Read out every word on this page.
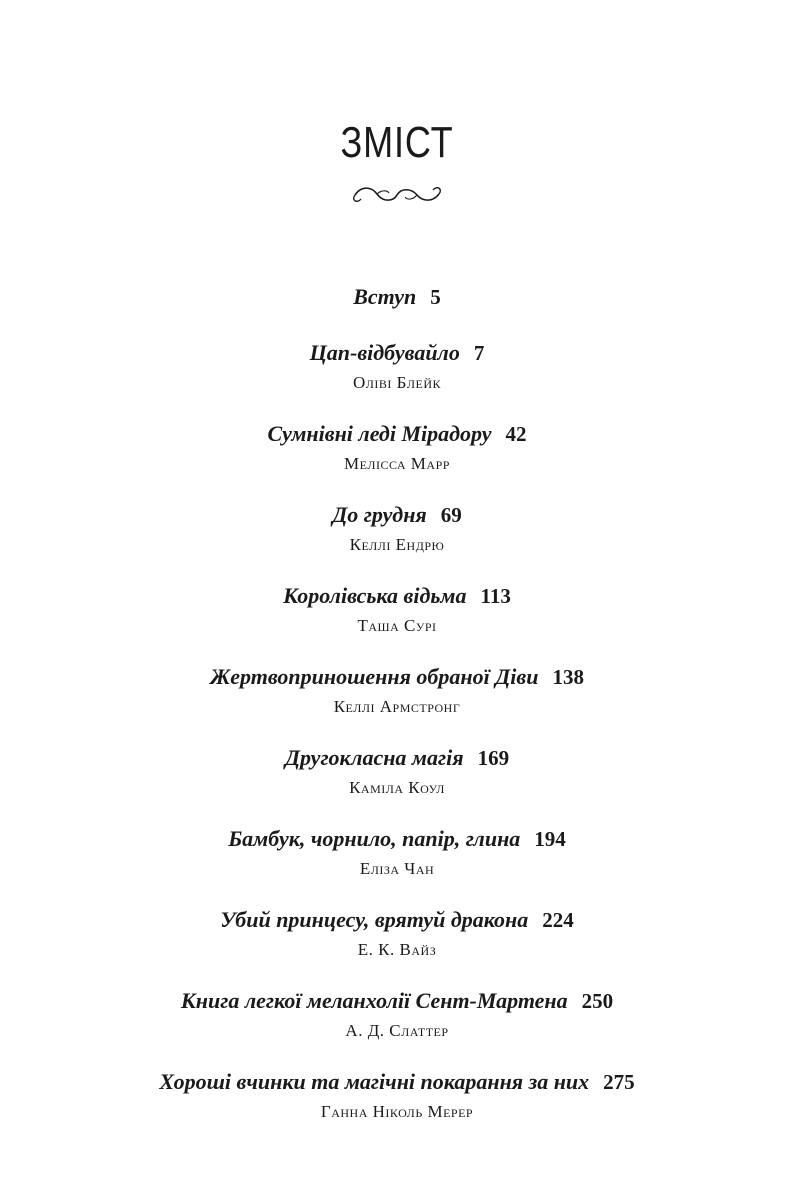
ЗМІСТ
Вступ 5
Цап-відбувайло 7
Оліві Блейк
Сумнівні леді Мірадору 42
Мелісса Марр
До грудня 69
Келлі Ендрю
Королівська відьма 113
Таша Сурі
Жертвоприношення обраної Діви 138
Келлі Армстронг
Другокласна магія 169
Каміла Коул
Бамбук, чорнило, папір, глина 194
Еліза Чан
Убий принцесу, врятуй дракона 224
Е. К. Вайз
Книга легкої меланхолії Сент-Мартена 250
А. Д. Слаттер
Хороші вчинки та магічні покарання за них 275
Ганна Ніколь Мерер
